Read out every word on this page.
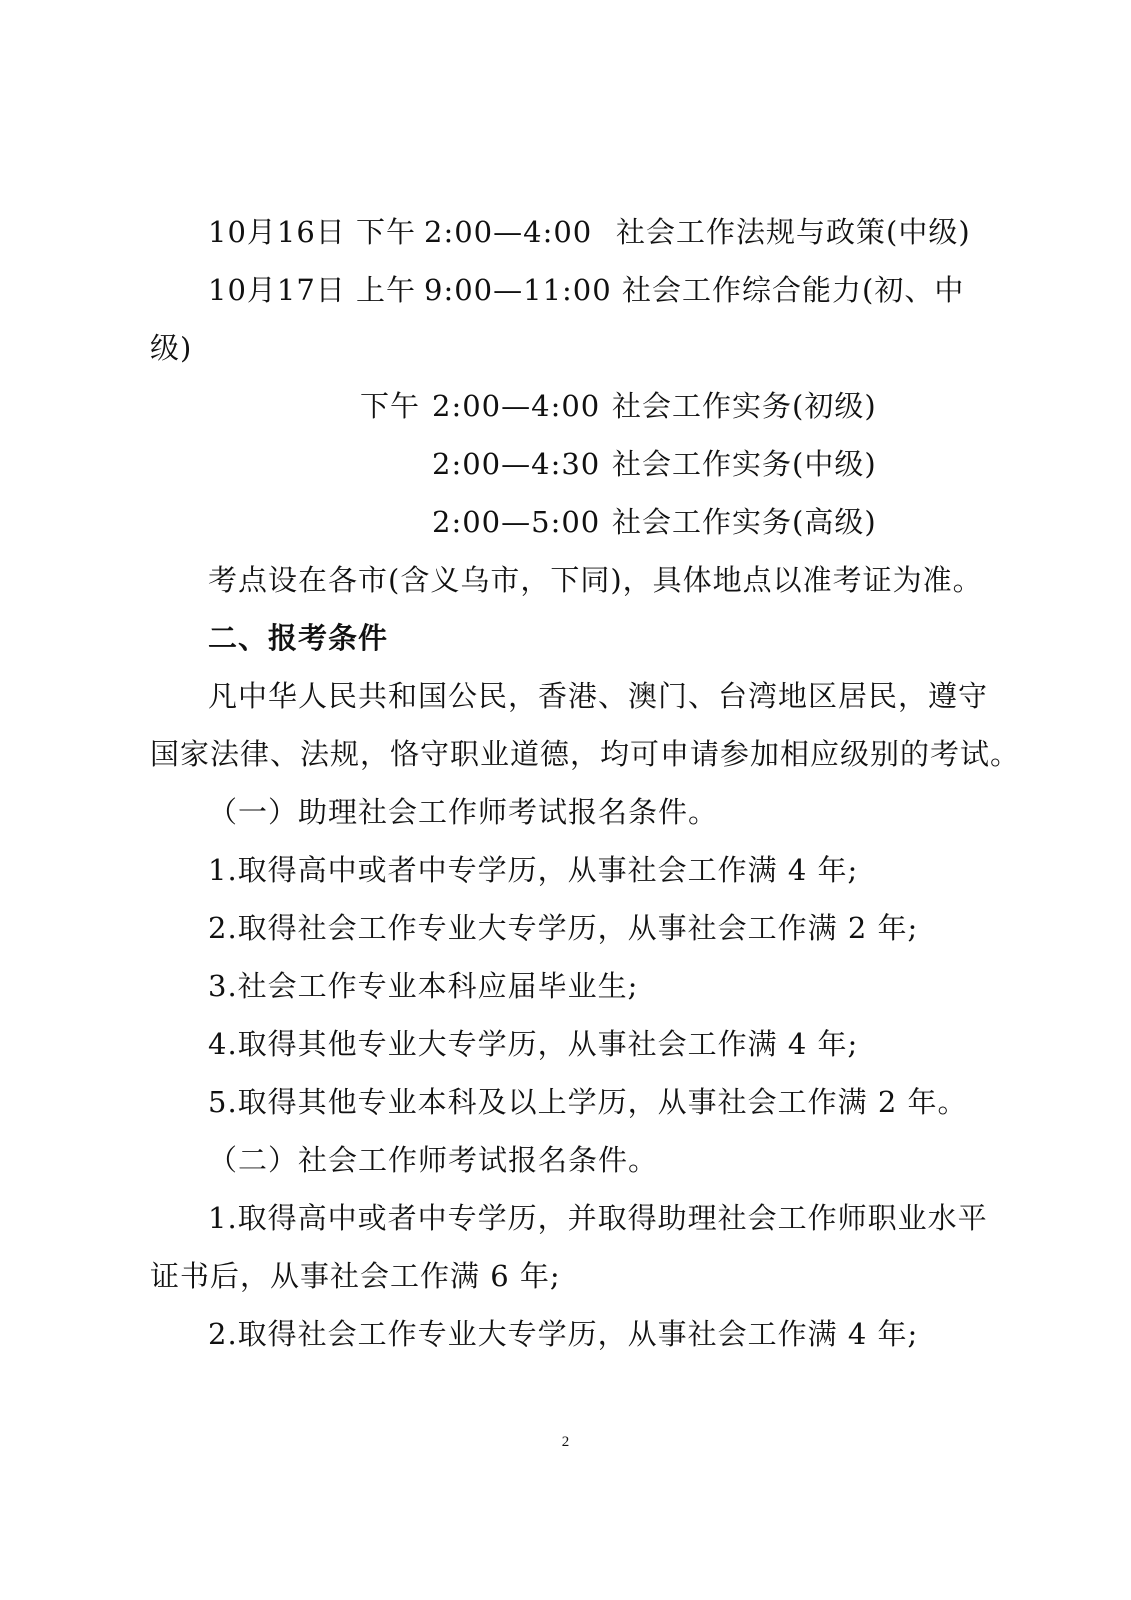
10月16日 下午 2:00—4:00 社会工作法规与政策(中级)
10月17日 上午 9:00—11:00 社会工作综合能力(初、中
级)
下午 2:00—4:00 社会工作实务(初级)
2:00—4:30 社会工作实务(中级)
2:00—5:00 社会工作实务(高级)
考点设在各市(含义乌市，下同)，具体地点以准考证为准。
二、报考条件
凡中华人民共和国公民，香港、澳门、台湾地区居民，遵守
国家法律、法规，恪守职业道德，均可申请参加相应级别的考试。
（一）助理社会工作师考试报名条件。
1.取得高中或者中专学历，从事社会工作满 4 年;
2.取得社会工作专业大专学历，从事社会工作满 2 年;
3.社会工作专业本科应届毕业生;
4.取得其他专业大专学历，从事社会工作满 4 年;
5.取得其他专业本科及以上学历，从事社会工作满 2 年。
（二）社会工作师考试报名条件。
1.取得高中或者中专学历，并取得助理社会工作师职业水平
证书后，从事社会工作满 6 年;
2.取得社会工作专业大专学历，从事社会工作满 4 年;
2
